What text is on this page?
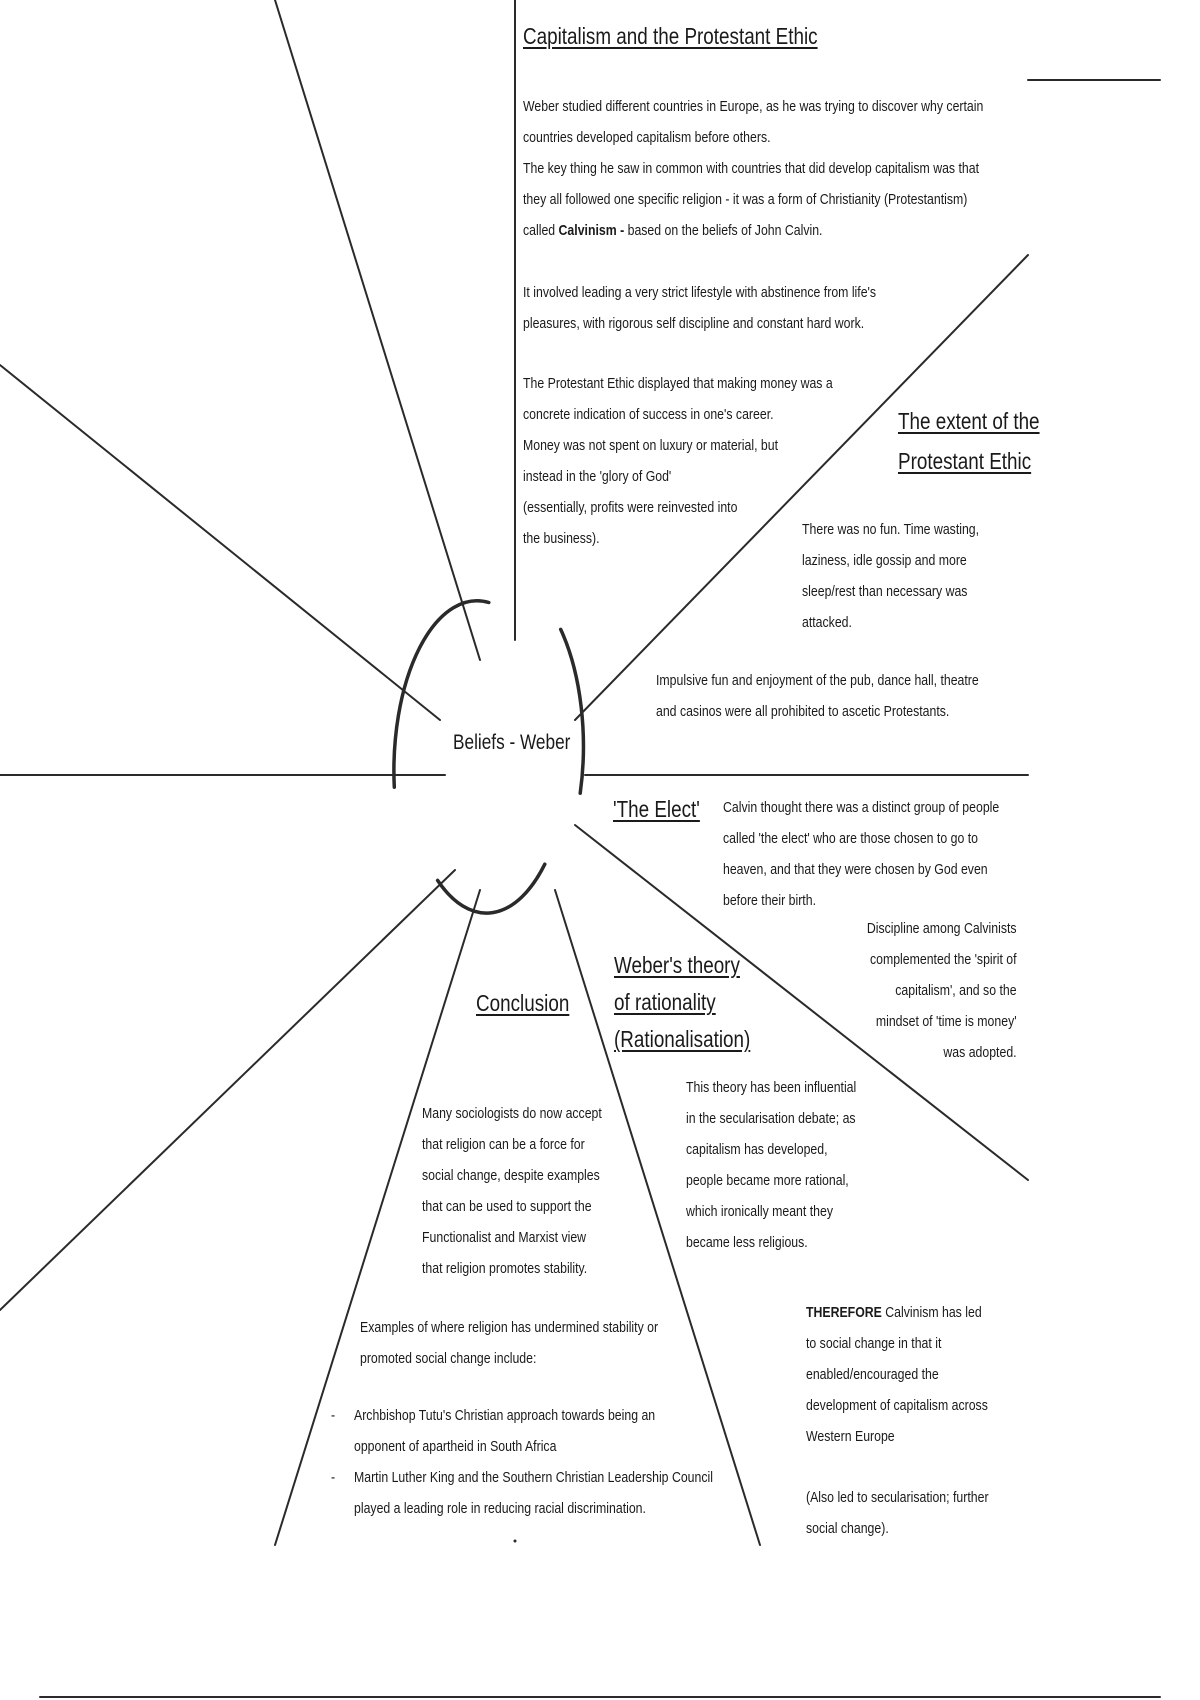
Beliefs - Weber
Capitalism and the Protestant Ethic

Weber studied different countries in Europe, as he was trying to discover why certain

countries developed capitalism before others.

The key thing he saw in common with countries that did develop capitalism was that

they all followed one specific religion - it was a form of Christianity (Protestantism)

called Calvinism - based on the beliefs of John Calvin.

It involved leading a very strict lifestyle with abstinence from life's

pleasures, with rigorous self discipline and constant hard work.

The Protestant Ethic displayed that making money was a

concrete indication of success in one's career.

Money was not spent on luxury or material, but

instead in the 'glory of God'

(essentially, profits were reinvested into

the business).

The extent of the
Protestant Ethic

There was no fun. Time wasting,

laziness, idle gossip and more

sleep/rest than necessary was

attacked.

Impulsive fun and enjoyment of the pub, dance hall, theatre

and casinos were all prohibited to ascetic Protestants.

'The Elect' Calvin thought there was a distinct group of people

called 'the elect' who are those chosen to go to

heaven, and that they were chosen by God even

before their birth.

Discipline among Calvinists

complemented the 'spirit of

capitalism', and so the

mindset of 'time is money'

was adopted.

Weber's theory
of rationality
(Rationalisation)

This theory has been influential

in the secularisation debate; as

capitalism has developed,

people became more rational,

which ironically meant they

became less religious.

THEREFORE Calvinism has led

to social change in that it

enabled/encouraged the

development of capitalism across

Western Europe

(Also led to secularisation; further

social change).

Conclusion

Many sociologists do now accept

that religion can be a force for

social change, despite examples

that can be used to support the

Functionalist and Marxist view

that religion promotes stability.

Examples of where religion has undermined stability or

promoted social change include:

- Archbishop Tutu's Christian approach towards being an

opponent of apartheid in South Africa

- Martin Luther King and the Southern Christian Leadership Council

played a leading role in reducing racial discrimination.
